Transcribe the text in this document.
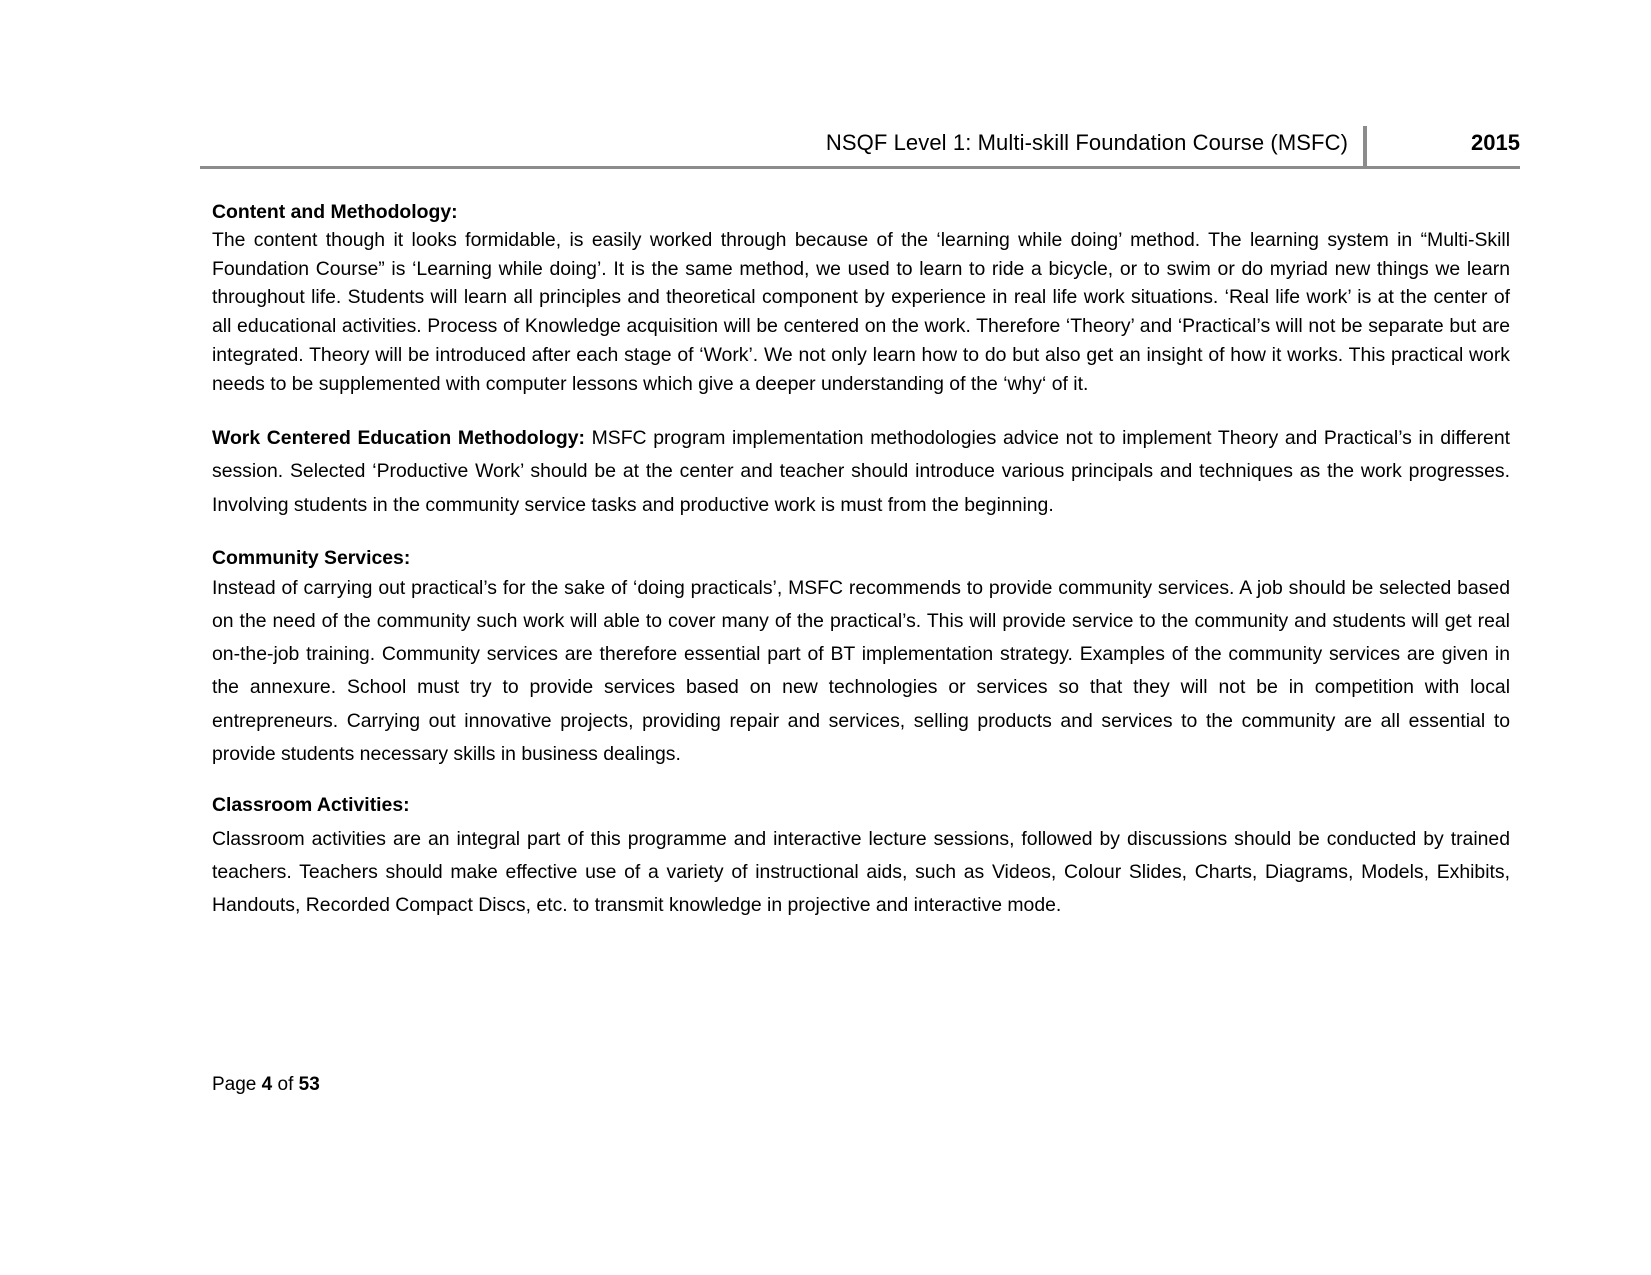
NSQF Level 1: Multi-skill Foundation Course (MSFC)	2015

Content and Methodology:

The content though it looks formidable, is easily worked through because of the ‘learning while doing’ method. The learning system in “Multi-Skill Foundation Course” is ‘Learning while doing’. It is the same method, we used to learn to ride a bicycle, or to swim or do myriad new things we learn throughout life. Students will learn all principles and theoretical component by experience in real life work situations. ‘Real life work’ is at the center of all educational activities. Process of Knowledge acquisition will be centered on the work. Therefore ‘Theory’ and ‘Practical’s will not be separate but are integrated. Theory will be introduced after each stage of ‘Work’. We not only learn how to do but also get an insight of how it works. This practical work needs to be supplemented with computer lessons which give a deeper understanding of the ‘why‘ of it.

Work Centered Education Methodology: MSFC program implementation methodologies advice not to implement Theory and Practical’s in different session. Selected ‘Productive Work’ should be at the center and teacher should introduce various principals and techniques as the work progresses. Involving students in the community service tasks and productive work is must from the beginning.

Community Services:

Instead of carrying out practical’s for the sake of ‘doing practicals’, MSFC recommends to provide community services. A job should be selected based on the need of the community such work will able to cover many of the practical’s. This will provide service to the community and students will get real on-the-job training. Community services are therefore essential part of BT implementation strategy. Examples of the community services are given in the annexure. School must try to provide services based on new technologies or services so that they will not be in competition with local entrepreneurs. Carrying out innovative projects, providing repair and services, selling products and services to the community are all essential to provide students necessary skills in business dealings.

Classroom Activities:

Classroom activities are an integral part of this programme and interactive lecture sessions, followed by discussions should be conducted by trained teachers. Teachers should make effective use of a variety of instructional aids, such as Videos, Colour Slides, Charts, Diagrams, Models, Exhibits, Handouts, Recorded Compact Discs, etc. to transmit knowledge in projective and interactive mode.

Page 4 of 53
